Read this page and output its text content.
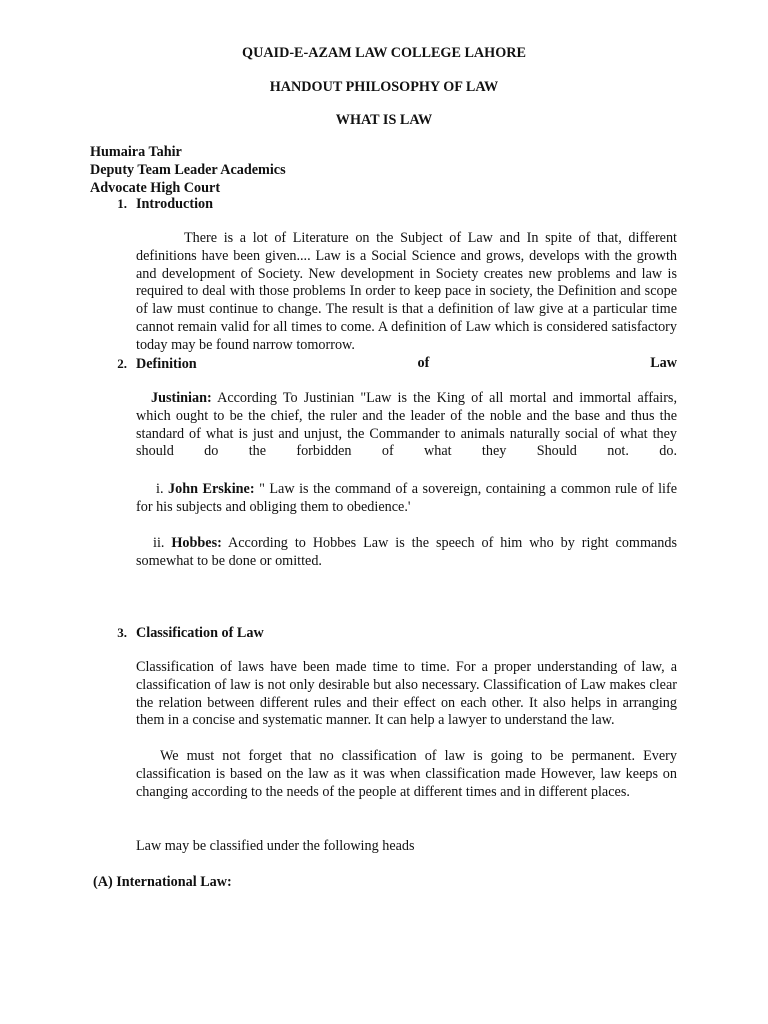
QUAID-E-AZAM LAW COLLEGE LAHORE
HANDOUT PHILOSOPHY OF LAW
WHAT IS LAW
Humaira Tahir
Deputy Team Leader Academics
Advocate High Court
1. Introduction
There is a lot of Literature on the Subject of Law and In spite of that, different definitions have been given.... Law is a Social Science and grows, develops with the growth and development of Society. New development in Society creates new problems and law is required to deal with those problems In order to keep pace in society, the Definition and scope of law must continue to change. The result is that a definition of law give at a particular time cannot remain valid for all times to come. A definition of Law which is considered satisfactory today may be found narrow tomorrow.
2. Definition	of	Law
Justinian: According To Justinian "Law is the King of all mortal and immortal affairs, which ought to be the chief, the ruler and the leader of the noble and the base and thus the standard of what is just and unjust, the Commander to animals naturally social of what they should do the forbidden of what they Should not. do.
i. John Erskine: " Law is the command of a sovereign, containing a common rule of life for his subjects and obliging them to obedience.'
ii. Hobbes: According to Hobbes Law is the speech of him who by right commands somewhat to be done or omitted.
3. Classification of Law
Classification of laws have been made time to time. For a proper understanding of law, a classification of law is not only desirable but also necessary. Classification of Law makes clear the relation between different rules and their effect on each other. It also helps in arranging them in a concise and systematic manner. It can help a lawyer to understand the law.
We must not forget that no classification of law is going to be permanent. Every classification is based on the law as it was when classification made However, law keeps on changing according to the needs of the people at different times and in different places.
Law may be classified under the following heads
(A) International Law:
